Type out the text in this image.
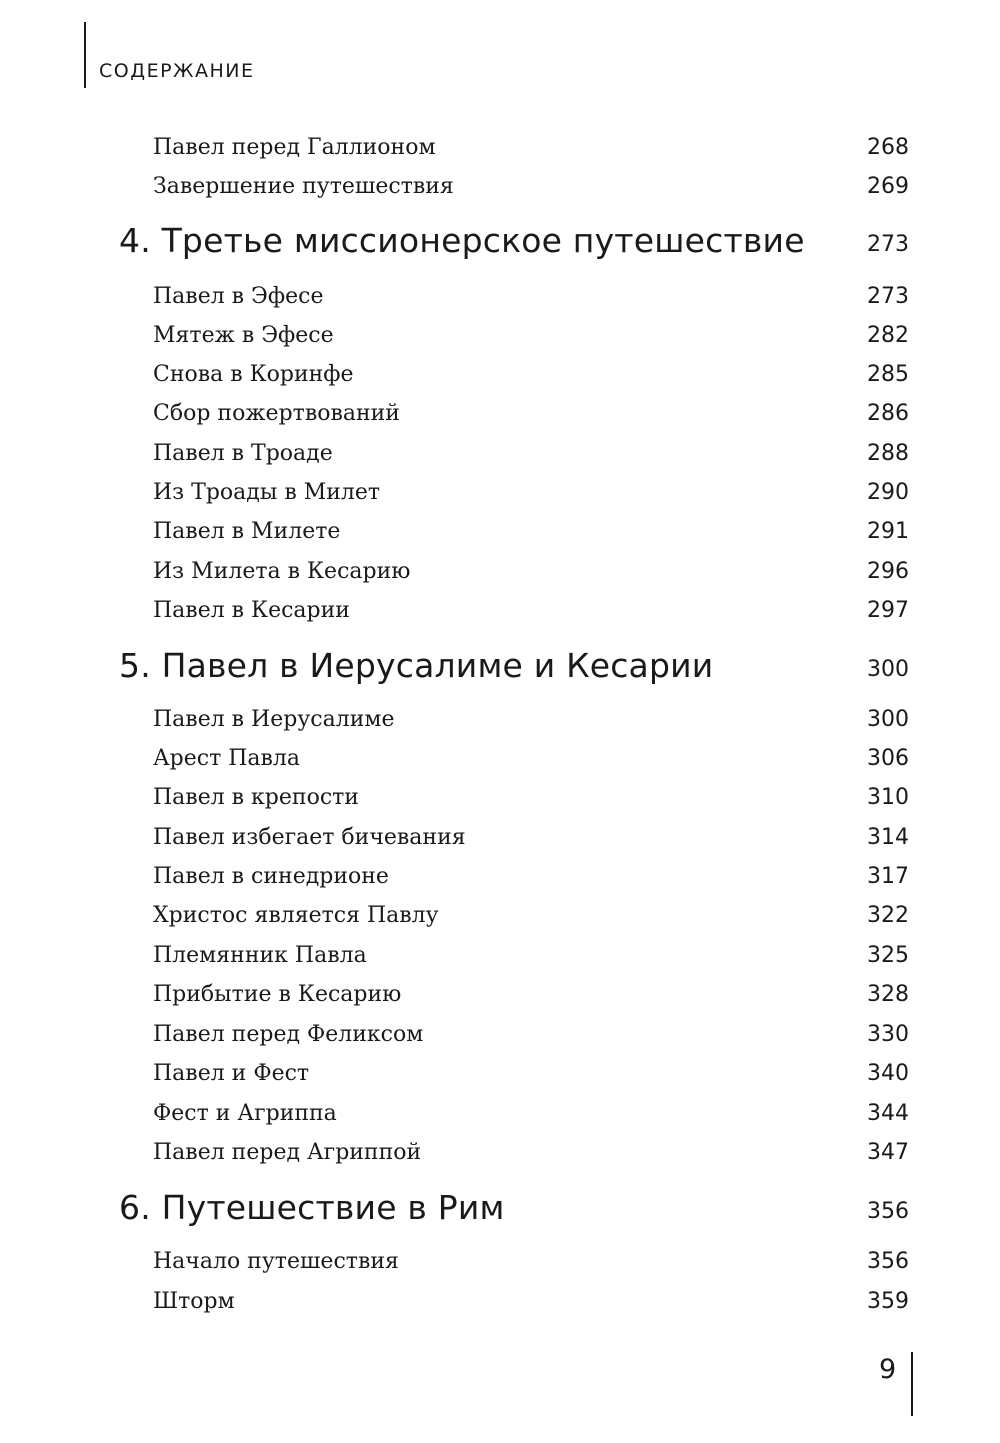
СОДЕРЖАНИЕ
Павел перед Галлионом	268
Завершение путешествия	269
4. Третье миссионерское путешествие	273
Павел в Эфесе	273
Мятеж в Эфесе	282
Снова в Коринфе	285
Сбор пожертвований	286
Павел в Троаде	288
Из Троады в Милет	290
Павел в Милете	291
Из Милета в Кесарию	296
Павел в Кесарии	297
5. Павел в Иерусалиме и Кесарии	300
Павел в Иерусалиме	300
Арест Павла	306
Павел в крепости	310
Павел избегает бичевания	314
Павел в синедрионе	317
Христос является Павлу	322
Племянник Павла	325
Прибытие в Кесарию	328
Павел перед Феликсом	330
Павел и Фест	340
Фест и Агриппа	344
Павел перед Агриппой	347
6. Путешествие в Рим	356
Начало путешествия	356
Шторм	359
9
